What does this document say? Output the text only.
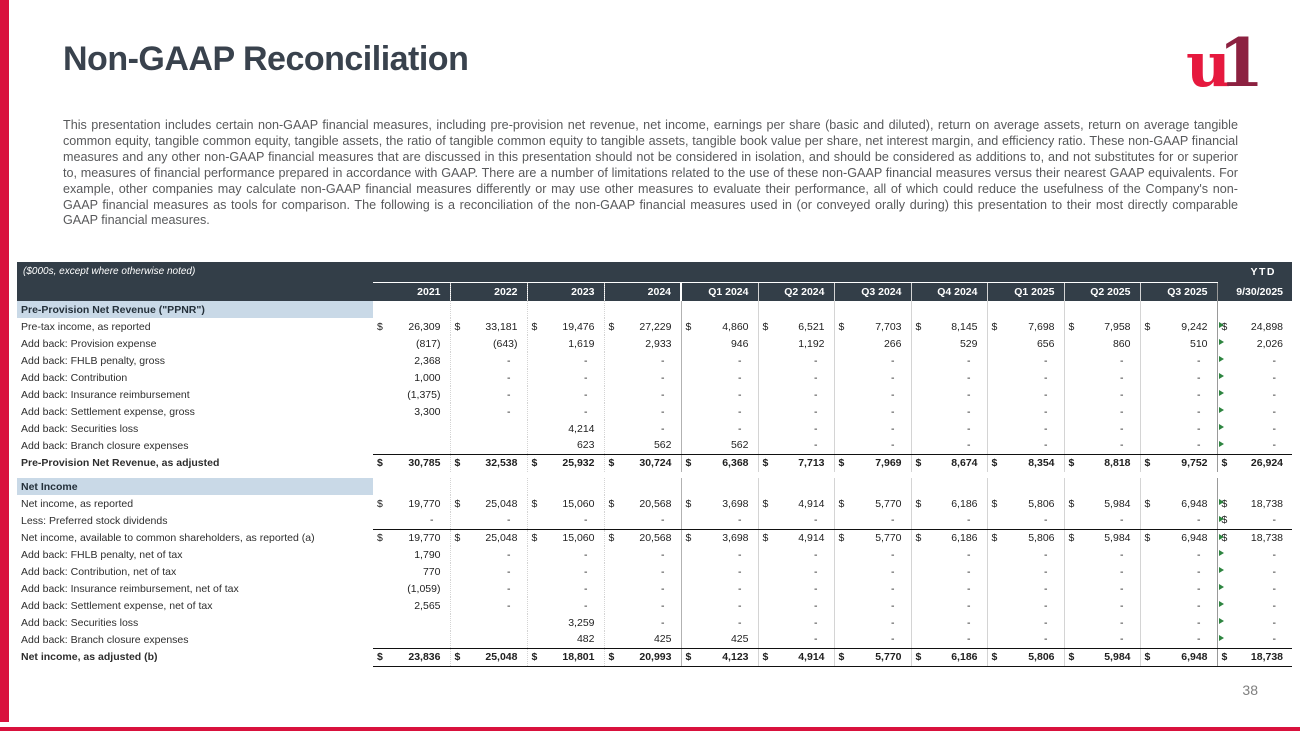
Non-GAAP Reconciliation	u1

This presentation includes certain non-GAAP financial measures, including pre-provision net revenue, net income, earnings per share (basic and diluted), return on average assets, return on average tangible common equity, tangible common equity, tangible assets, the ratio of tangible common equity to tangible assets, tangible book value per share, net interest margin, and efficiency ratio. These non-GAAP financial measures and any other non-GAAP financial measures that are discussed in this presentation should not be considered in isolation, and should be considered as additions to, and not substitutes for or superior to, measures of financial performance prepared in accordance with GAAP. There are a number of limitations related to the use of these non-GAAP financial measures versus their nearest GAAP equivalents. For example, other companies may calculate non-GAAP financial measures differently or may use other measures to evaluate their performance, all of which could reduce the usefulness of the Company's non-GAAP financial measures as tools for comparison. The following is a reconciliation of the non-GAAP financial measures used in (or conveyed orally during) this presentation to their most directly comparable GAAP financial measures.

($000s, except where otherwise noted)												YTD
	2021	2022	2023	2024	Q1 2024	Q2 2024	Q3 2024	Q4 2024	Q1 2025	Q2 2025	Q3 2025	9/30/2025
Pre-Provision Net Revenue ("PPNR")												
Pre-tax income, as reported	$ 26,309	$ 33,181	$ 19,476	$ 27,229	$ 4,860	$ 6,521	$ 7,703	$ 8,145	$ 7,698	$ 7,958	$ 9,242	$ 24,898

Add back: Provision expense	(817)	(643)	1,619	2,933	946	1,192	266	529	656	860	510	2,026

Add back: FHLB penalty, gross	2,368	-	-	-	-	-	-	-	-	-	-	-

Add back: Contribution	1,000	-	-	-	-	-	-	-	-	-	-	-

Add back: Insurance reimbursement	(1,375)	-	-	-	-	-	-	-	-	-	-	-

Add back: Settlement expense, gross	3,300	-	-	-	-	-	-	-	-	-	-	-

Add back: Securities loss			4,214	-	-	-	-	-	-	-	-	-

Add back: Branch closure expenses			623	562	562	-	-	-	-	-	-	-

Pre-Provision Net Revenue, as adjusted	$ 30,785	$ 32,538	$ 25,932	$ 30,724	$ 6,368	$ 7,713	$ 7,969	$ 8,674	$ 8,354	$ 8,818	$ 9,752	$ 26,924

Net Income												
Net income, as reported	$ 19,770	$ 25,048	$ 15,060	$ 20,568	$ 3,698	$ 4,914	$ 5,770	$ 6,186	$ 5,806	$ 5,984	$ 6,948	$ 18,738

Less: Preferred stock dividends	-	-	-	-	-	-	-	-	-	-	-	$ -

Net income, available to common shareholders, as reported (a)	$ 19,770	$ 25,048	$ 15,060	$ 20,568	$ 3,698	$ 4,914	$ 5,770	$ 6,186	$ 5,806	$ 5,984	$ 6,948	$ 18,738

Add back: FHLB penalty, net of tax	1,790	-	-	-	-	-	-	-	-	-	-	-

Add back: Contribution, net of tax	770	-	-	-	-	-	-	-	-	-	-	-

Add back: Insurance reimbursement, net of tax	(1,059)	-	-	-	-	-	-	-	-	-	-	-

Add back: Settlement expense, net of tax	2,565	-	-	-	-	-	-	-	-	-	-	-

Add back: Securities loss			3,259	-	-	-	-	-	-	-	-	-

Add back: Branch closure expenses			482	425	425	-	-	-	-	-	-	-

Net income, as adjusted (b)	$ 23,836	$ 25,048	$ 18,801	$ 20,993	$ 4,123	$ 4,914	$ 5,770	$ 6,186	$ 5,806	$ 5,984	$ 6,948	$ 18,738
38
